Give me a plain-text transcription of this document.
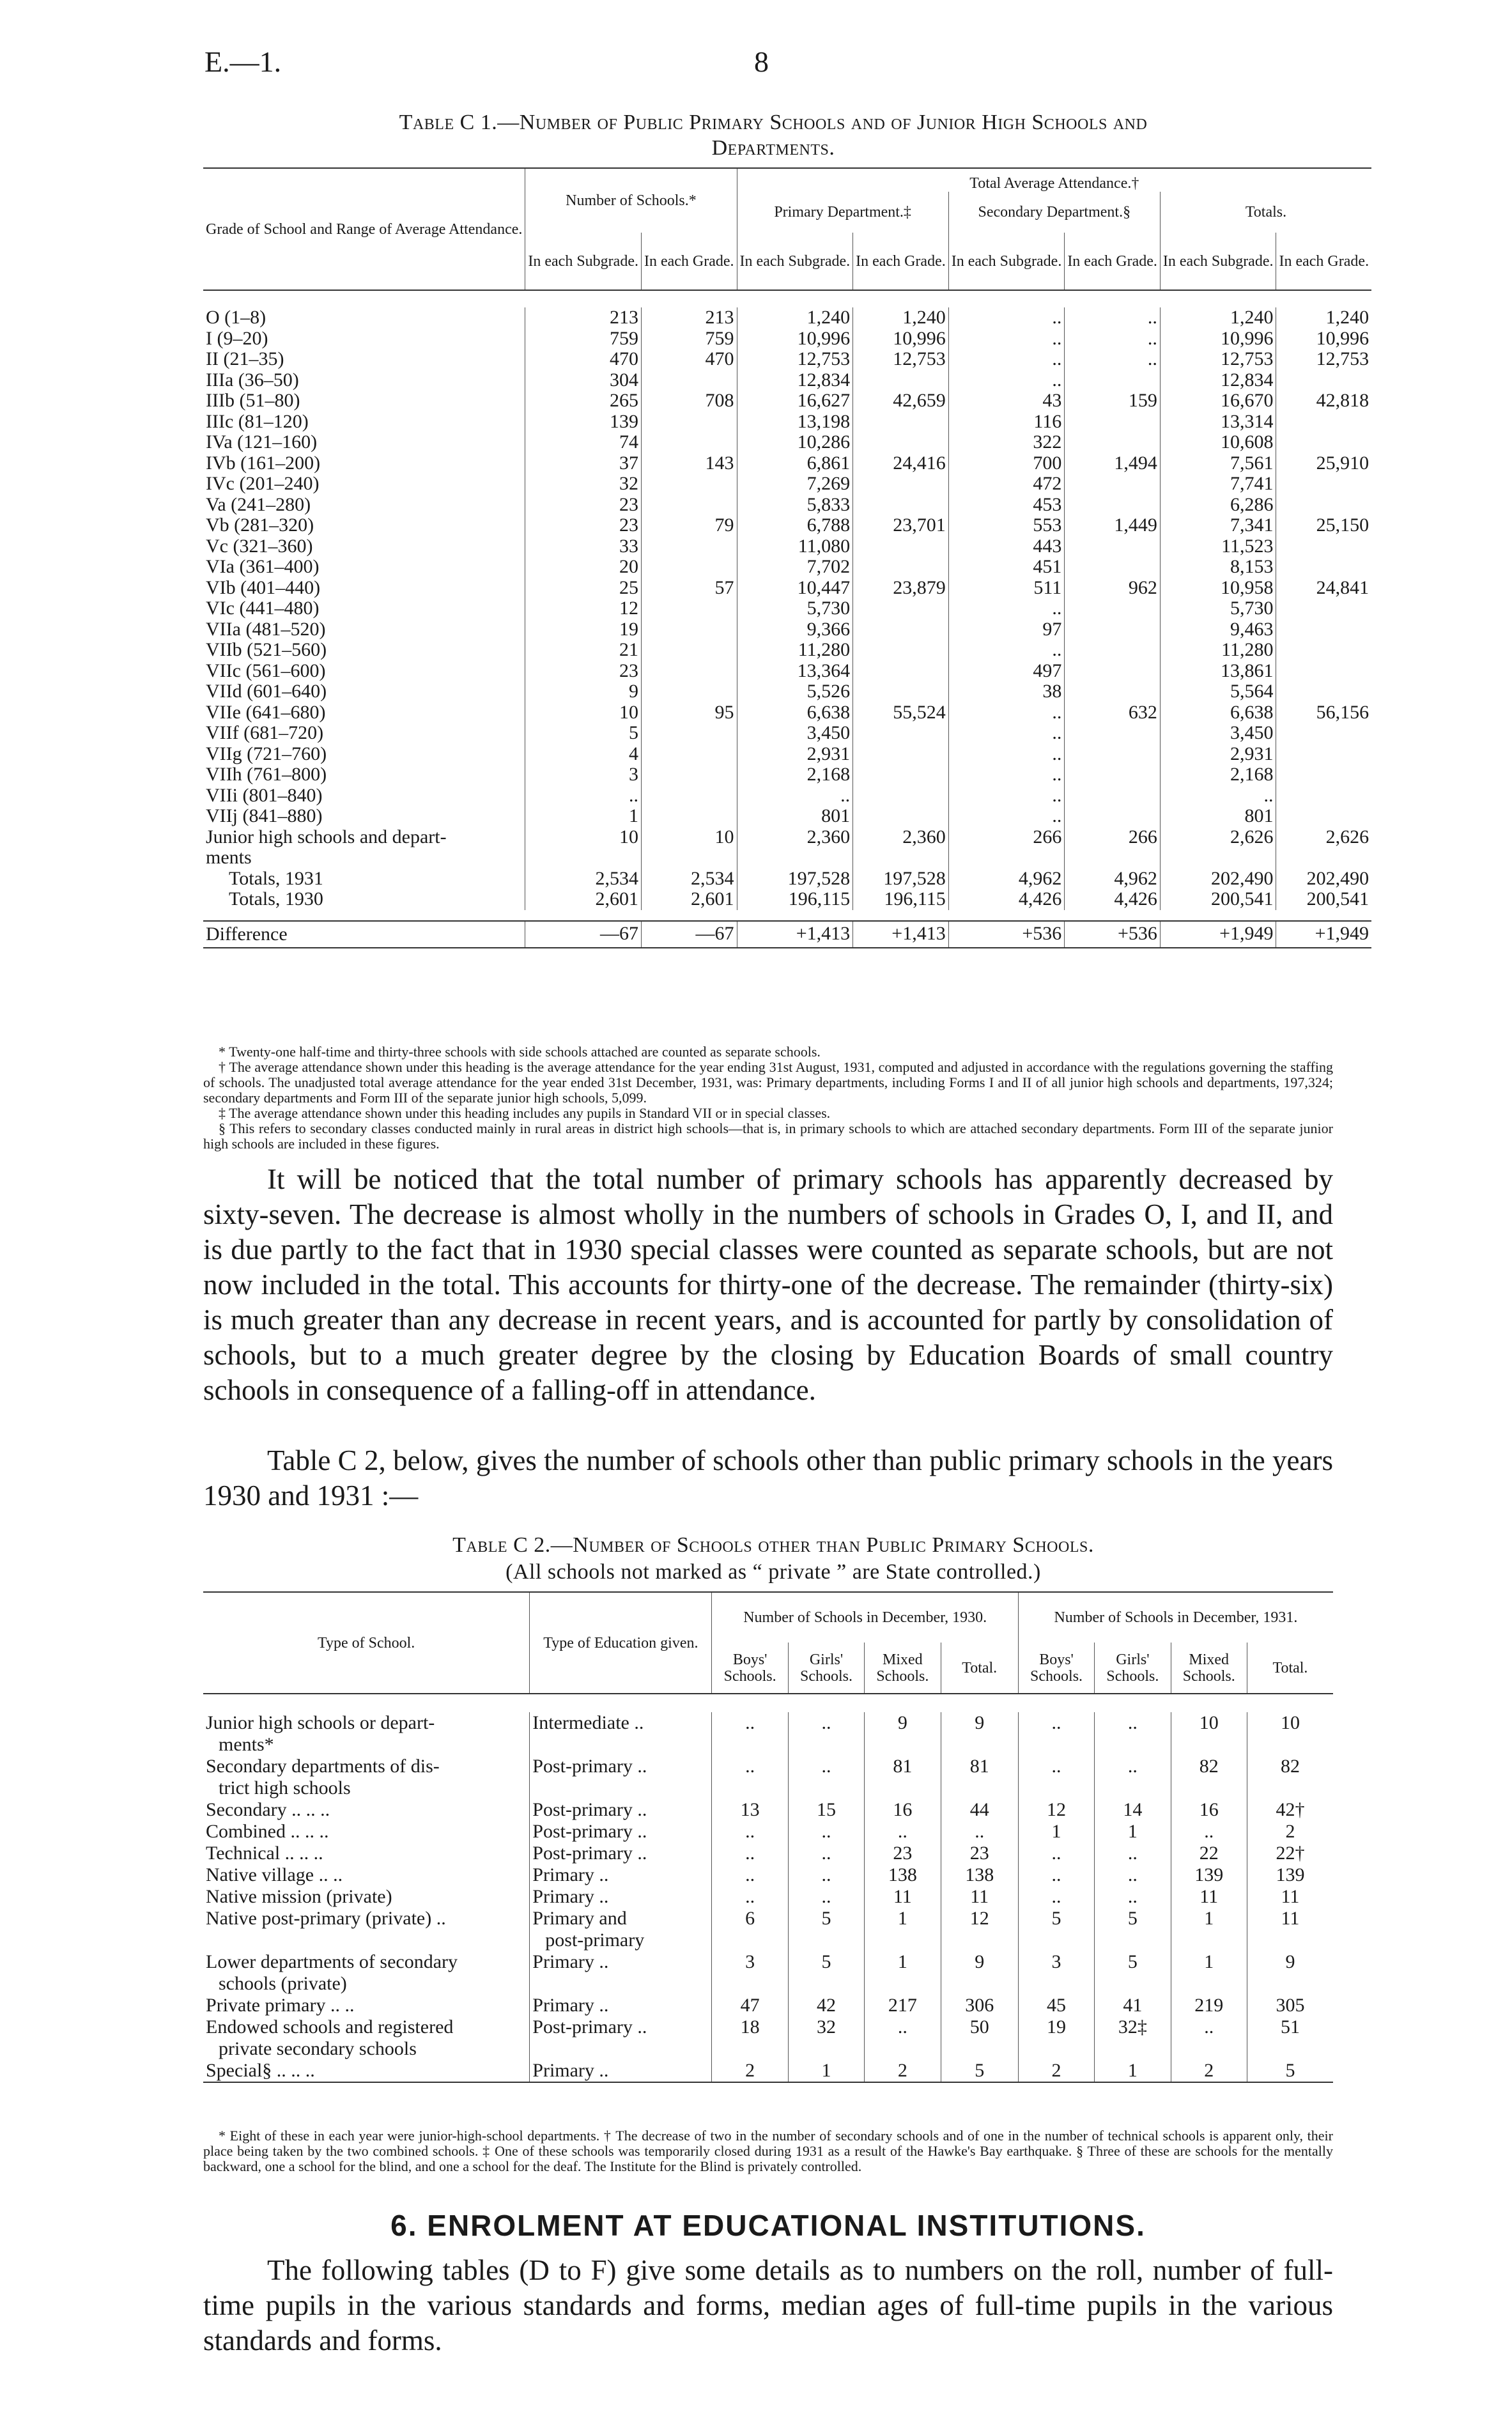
E.—1.	8
Table C 1.—Number of Public Primary Schools and of Junior High Schools and
Departments.
Grade of School and Range of Average Attendance.	Number of Schools.*		Total Average Attendance.†					
			Primary Department.‡		Secondary Department.§		Totals.	
	In each Subgrade.	In each Grade.	In each Subgrade.	In each Grade.	In each Subgrade.	In each Grade.	In each Subgrade.	In each Grade.

O (1–8)	213	213	1,240	1,240	..	..	1,240	1,240
I (9–20)	759	759	10,996	10,996	..	..	10,996	10,996
II (21–35)	470	470	12,753	12,753	..	..	12,753	12,753
IIIa (36–50)	304		12,834		..		12,834	
IIIb (51–80)	265	708	16,627	42,659	43	159	16,670	42,818
IIIc (81–120)	139		13,198		116		13,314	
IVa (121–160)	74		10,286		322		10,608	
IVb (161–200)	37	143	6,861	24,416	700	1,494	7,561	25,910
IVc (201–240)	32		7,269		472		7,741	
Va (241–280)	23		5,833		453		6,286	
Vb (281–320)	23	79	6,788	23,701	553	1,449	7,341	25,150
Vc (321–360)	33		11,080		443		11,523	
VIa (361–400)	20		7,702		451		8,153	
VIb (401–440)	25	57	10,447	23,879	511	962	10,958	24,841
VIc (441–480)	12		5,730		..		5,730	
VIIa (481–520)	19		9,366		97		9,463	
VIIb (521–560)	21		11,280		..		11,280	
VIIc (561–600)	23		13,364		497		13,861	
VIId (601–640)	9		5,526		38		5,564	
VIIe (641–680)	10	95	6,638	55,524	..	632	6,638	56,156
VIIf (681–720)	5		3,450		..		3,450	
VIIg (721–760)	4		2,931		..		2,931	
VIIh (761–800)	3		2,168		..		2,168	
VIIi (801–840)	..		..		..		..	
VIIj (841–880)	1		801		..		801	
Junior high schools and depart-	10	10	2,360	2,360	266	266	2,626	2,626
ments								
Totals, 1931	2,534	2,534	197,528	197,528	4,962	4,962	202,490	202,490
Totals, 1930	2,601	2,601	196,115	196,115	4,426	4,426	200,541	200,541

Difference	—67	—67	+1,413	+1,413	+536	+536	+1,949	+1,949

* Twenty-one half-time and thirty-three schools with side schools attached are counted as separate schools.
† The average attendance shown under this heading is the average attendance for the year ending 31st August, 1931, computed and adjusted in accordance with the regulations governing the staffing of schools. The unadjusted total average attendance for the year ended 31st December, 1931, was: Primary departments, including Forms I and II of all junior high schools and departments, 197,324; secondary departments and Form III of the separate junior high schools, 5,099.
‡ The average attendance shown under this heading includes any pupils in Standard VII or in special classes.
§ This refers to secondary classes conducted mainly in rural areas in district high schools—that is, in primary schools to which are attached secondary departments. Form III of the separate junior high schools are included in these figures.
It will be noticed that the total number of primary schools has apparently decreased by sixty-seven. The decrease is almost wholly in the numbers of schools in Grades O, I, and II, and is due partly to the fact that in 1930 special classes were counted as separate schools, but are not now included in the total. This accounts for thirty-one of the decrease. The remainder (thirty-six) is much greater than any decrease in recent years, and is accounted for partly by consolidation of schools, but to a much greater degree by the closing by Education Boards of small country schools in consequence of a falling-off in attendance.
Table C 2, below, gives the number of schools other than public primary schools in the years 1930 and 1931 :—
Table C 2.—Number of Schools other than Public Primary Schools.
(All schools not marked as “ private ” are State controlled.)
Type of School.	Type of Education given.	Number of Schools in December, 1930.				Number of Schools in December, 1931.			
		Boys' Schools.	Girls' Schools.	Mixed Schools.	Total.	Boys' Schools.	Girls' Schools.	Mixed Schools.	Total.

Junior high schools or depart-	Intermediate ..	..	..	9	9	..	..	10	10
ments*									
Secondary departments of dis-	Post-primary ..	..	..	81	81	..	..	82	82
trict high schools									
Secondary .. .. ..	Post-primary ..	13	15	16	44	12	14	16	42†
Combined .. .. ..	Post-primary ..	..	..	..	..	1	1	..	2
Technical .. .. ..	Post-primary ..	..	..	23	23	..	..	22	22†
Native village .. ..	Primary ..	..	..	138	138	..	..	139	139
Native mission (private)	Primary ..	..	..	11	11	..	..	11	11
Native post-primary (private) ..	Primary and	6	5	1	12	5	5	1	11
	post-primary								
Lower departments of secondary	Primary ..	3	5	1	9	3	5	1	9
schools (private)									
Private primary .. ..	Primary ..	47	42	217	306	45	41	219	305
Endowed schools and registered	Post-primary ..	18	32	..	50	19	32‡	..	51
private secondary schools									
Special§ .. .. ..	Primary ..	2	1	2	5	2	1	2	5

* Eight of these in each year were junior-high-school departments. † The decrease of two in the number of secondary schools and of one in the number of technical schools is apparent only, their place being taken by the two combined schools. ‡ One of these schools was temporarily closed during 1931 as a result of the Hawke's Bay earthquake. § Three of these are schools for the mentally backward, one a school for the blind, and one a school for the deaf. The Institute for the Blind is privately controlled.
6. ENROLMENT AT EDUCATIONAL INSTITUTIONS.
The following tables (D to F) give some details as to numbers on the roll, number of full-time pupils in the various standards and forms, median ages of full-time pupils in the various standards and forms.
